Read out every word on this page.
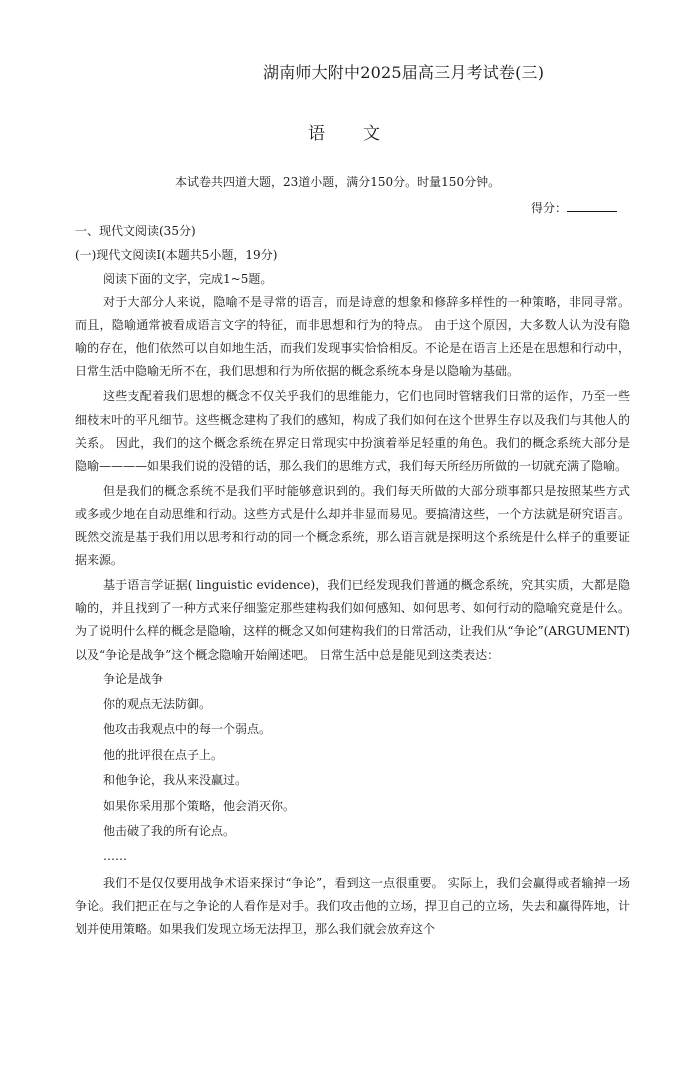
湖南师大附中2025届高三月考试卷(三)
语 文
本试卷共四道大题，23道小题，满分150分。时量150分钟。
得分：
一、现代文阅读(35分)
(一)现代文阅读Ⅰ(本题共5小题，19分)

阅读下面的文字，完成1~5题。

对于大部分人来说，隐喻不是寻常的语言，而是诗意的想象和修辞多样性的一种策略，非同寻常。 而且，隐喻通常被看成语言文字的特征，而非思想和行为的特点。 由于这个原因，大多数人认为没有隐喻的存在，他们依然可以自如地生活，而我们发现事实恰恰相反。不论是在语言上还是在思想和行动中，日常生活中隐喻无所不在，我们思想和行为所依据的概念系统本身是以隐喻为基础。

这些支配着我们思想的概念不仅关乎我们的思维能力，它们也同时管辖我们日常的运作，乃至一些细枝末叶的平凡细节。这些概念建构了我们的感知，构成了我们如何在这个世界生存以及我们与其他人的关系。 因此，我们的这个概念系统在界定日常现实中扮演着举足轻重的角色。我们的概念系统大部分是隐喻————如果我们说的没错的话，那么我们的思维方式，我们每天所经历所做的一切就充满了隐喻。

但是我们的概念系统不是我们平时能够意识到的。我们每天所做的大部分琐事都只是按照某些方式或多或少地在自动思维和行动。这些方式是什么却并非显而易见。要搞清这些，一个方法就是研究语言。 既然交流是基于我们用以思考和行动的同一个概念系统，那么语言就是探明这个系统是什么样子的重要证据来源。

基于语言学证据( linguistic evidence)，我们已经发现我们普通的概念系统，究其实质，大都是隐喻的，并且找到了一种方式来仔细鉴定那些建构我们如何感知、如何思考、如何行动的隐喻究竟是什么。 为了说明什么样的概念是隐喻，这样的概念又如何建构我们的日常活动，让我们从“争论”(ARGUMENT)以及“争论是战争”这个概念隐喻开始阐述吧。 日常生活中总是能见到这类表达：

争论是战争

你的观点无法防御。

他攻击我观点中的每一个弱点。

他的批评很在点子上。

和他争论，我从来没赢过。

如果你采用那个策略，他会消灭你。

他击破了我的所有论点。

……

我们不是仅仅要用战争术语来探讨“争论”，看到这一点很重要。 实际上，我们会赢得或者输掉一场争论。我们把正在与之争论的人看作是对手。我们攻击他的立场，捍卫自己的立场，失去和赢得阵地，计划并使用策略。如果我们发现立场无法捍卫，那么我们就会放弃这个
